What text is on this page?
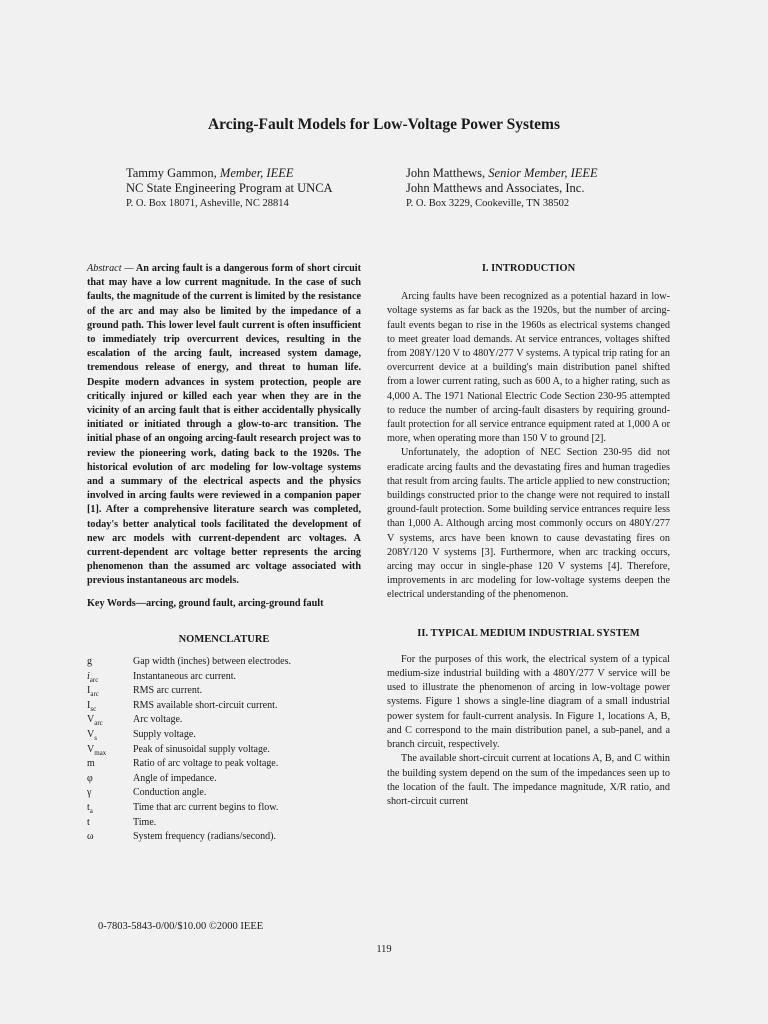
Arcing-Fault Models for Low-Voltage Power Systems
Tammy Gammon, Member, IEEE
NC State Engineering Program at UNCA
P. O. Box 18071, Asheville, NC 28814
John Matthews, Senior Member, IEEE
John Matthews and Associates, Inc.
P. O. Box 3229, Cookeville, TN 38502

Abstract — An arcing fault is a dangerous form of short circuit that may have a low current magnitude. In the case of such faults, the magnitude of the current is limited by the resistance of the arc and may also be limited by the impedance of a ground path. This lower level fault current is often insufficient to immediately trip overcurrent devices, resulting in the escalation of the arcing fault, increased system damage, tremendous release of energy, and threat to human life. Despite modern advances in system protection, people are critically injured or killed each year when they are in the vicinity of an arcing fault that is either accidentally physically initiated or initiated through a glow-to-arc transition. The initial phase of an ongoing arcing-fault research project was to review the pioneering work, dating back to the 1920s. The historical evolution of arc modeling for low-voltage systems and a summary of the electrical aspects and the physics involved in arcing faults were reviewed in a companion paper [1]. After a comprehensive literature search was completed, today's better analytical tools facilitated the development of new arc models with current-dependent arc voltages. A current-dependent arc voltage better represents the arcing phenomenon than the assumed arc voltage associated with previous instantaneous arc models.

Key Words—arcing, ground fault, arcing-ground fault

NOMENCLATURE

g	Gap width (inches) between electrodes.
$i_{arc}$	Instantaneous arc current.
$I_{arc}$	RMS arc current.
$I_{sc}$	RMS available short-circuit current.
$V_{arc}$	Arc voltage.
$V_s$	Supply voltage.
$V_{max}$	Peak of sinusoidal supply voltage.
m	Ratio of arc voltage to peak voltage.
φ	Angle of impedance.
γ	Conduction angle.
$t_a$	Time that arc current begins to flow.
t	Time.
ω	System frequency (radians/second).

I. INTRODUCTION

Arcing faults have been recognized as a potential hazard in low-voltage systems as far back as the 1920s, but the number of arcing-fault events began to rise in the 1960s as electrical systems changed to meet greater load demands. At service entrances, voltages shifted from 208Y/120 V to 480Y/277 V systems. A typical trip rating for an overcurrent device at a building's main distribution panel shifted from a lower current rating, such as 600 A, to a higher rating, such as 4,000 A. The 1971 National Electric Code Section 230-95 attempted to reduce the number of arcing-fault disasters by requiring ground-fault protection for all service entrance equipment rated at 1,000 A or more, when operating more than 150 V to ground [2].

Unfortunately, the adoption of NEC Section 230-95 did not eradicate arcing faults and the devastating fires and human tragedies that result from arcing faults. The article applied to new construction; buildings constructed prior to the change were not required to install ground-fault protection. Some building service entrances require less than 1,000 A. Although arcing most commonly occurs on 480Y/277 V systems, arcs have been known to cause devastating fires on 208Y/120 V systems [3]. Furthermore, when arc tracking occurs, arcing may occur in single-phase 120 V systems [4]. Therefore, improvements in arc modeling for low-voltage systems deepen the electrical understanding of the phenomenon.

II. TYPICAL MEDIUM INDUSTRIAL SYSTEM

For the purposes of this work, the electrical system of a typical medium-size industrial building with a 480Y/277 V service will be used to illustrate the phenomenon of arcing in low-voltage power systems. Figure 1 shows a single-line diagram of a small industrial power system for fault-current analysis. In Figure 1, locations A, B, and C correspond to the main distribution panel, a sub-panel, and a branch circuit, respectively.

The available short-circuit current at locations A, B, and C within the building system depend on the sum of the impedances seen up to the location of the fault. The impedance magnitude, X/R ratio, and short-circuit current

0-7803-5843-0/00/$10.00 ©2000 IEEE
119
